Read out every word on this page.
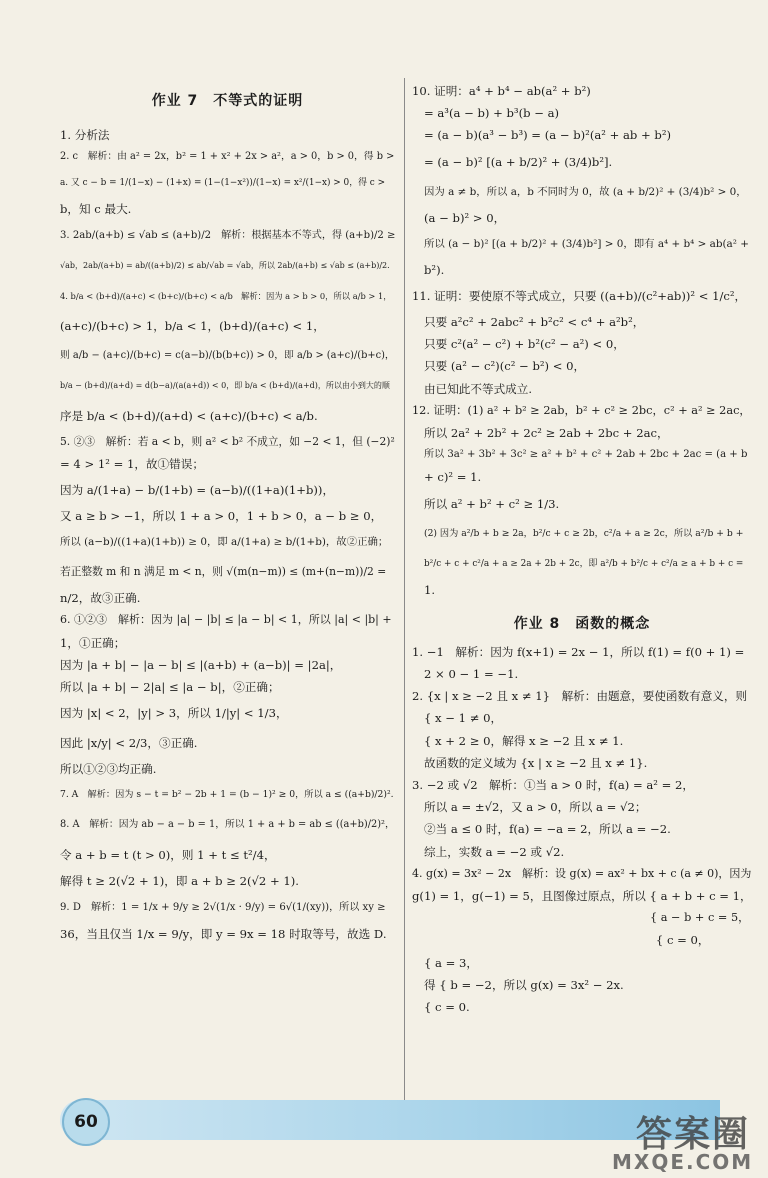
作业 7　不等式的证明
1. 分析法
2. c　解析：由 a² = 2x，b² = 1 + x² + 2x > a²，a > 0，b > 0，得 b >
a. 又 c − b = 1/(1−x) − (1+x) = (1−(1−x²))/(1−x) = x²/(1−x) > 0，得 c >
b，知 c 最大.
3. 2ab/(a+b) ≤ √ab ≤ (a+b)/2　解析：根据基本不等式，得 (a+b)/2 ≥
√ab，2ab/(a+b) = ab/((a+b)/2) ≤ ab/√ab = √ab，所以 2ab/(a+b) ≤ √ab ≤ (a+b)/2.
4. b/a < (b+d)/(a+c) < (b+c)/(b+c) < a/b　解析：因为 a > b > 0，所以 a/b > 1，
(a+c)/(b+c) > 1，b/a < 1，(b+d)/(a+c) < 1，
则 a/b − (a+c)/(b+c) = c(a−b)/(b(b+c)) > 0，即 a/b > (a+c)/(b+c)，
b/a − (b+d)/(a+d) = d(b−a)/(a(a+d)) < 0，即 b/a < (b+d)/(a+d)，所以由小到大的顺
序是 b/a < (b+d)/(a+d) < (a+c)/(b+c) < a/b.
5. ②③　解析：若 a < b，则 a² < b² 不成立，如 −2 < 1，但 (−2)²
= 4 > 1² = 1，故①错误；
因为 a/(1+a) − b/(1+b) = (a−b)/((1+a)(1+b))，
又 a ≥ b > −1，所以 1 + a > 0，1 + b > 0，a − b ≥ 0，
所以 (a−b)/((1+a)(1+b)) ≥ 0，即 a/(1+a) ≥ b/(1+b)，故②正确；
若正整数 m 和 n 满足 m < n，则 √(m(n−m)) ≤ (m+(n−m))/2 =
n/2，故③正确.
6. ①②③　解析：因为 |a| − |b| ≤ |a − b| < 1，所以 |a| < |b| +
1，①正确；
因为 |a + b| − |a − b| ≤ |(a+b) + (a−b)| = |2a|，
所以 |a + b| − 2|a| ≤ |a − b|，②正确；
因为 |x| < 2，|y| > 3，所以 1/|y| < 1/3，
因此 |x/y| < 2/3，③正确.
所以①②③均正确.
7. A　解析：因为 s − t = b² − 2b + 1 = (b − 1)² ≥ 0，所以 a ≤ ((a+b)/2)².
8. A　解析：因为 ab − a − b = 1，所以 1 + a + b = ab ≤ ((a+b)/2)²，
令 a + b = t (t > 0)，则 1 + t ≤ t²/4，
解得 t ≥ 2(√2 + 1)，即 a + b ≥ 2(√2 + 1).
9. D　解析：1 = 1/x + 9/y ≥ 2√(1/x · 9/y) = 6√(1/(xy))，所以 xy ≥
36，当且仅当 1/x = 9/y，即 y = 9x = 18 时取等号，故选 D.
10. 证明：a⁴ + b⁴ − ab(a² + b²)
= a³(a − b) + b³(b − a)
= (a − b)(a³ − b³) = (a − b)²(a² + ab + b²)
= (a − b)² [(a + b/2)² + (3/4)b²].
因为 a ≠ b，所以 a，b 不同时为 0，故 (a + b/2)² + (3/4)b² > 0，
(a − b)² > 0，
所以 (a − b)² [(a + b/2)² + (3/4)b²] > 0，即有 a⁴ + b⁴ > ab(a² +
b²).
11. 证明：要使原不等式成立，只要 ((a+b)/(c²+ab))² < 1/c²，
只要 a²c² + 2abc² + b²c² < c⁴ + a²b²，
只要 c²(a² − c²) + b²(c² − a²) < 0，
只要 (a² − c²)(c² − b²) < 0，
由已知此不等式成立.
12. 证明：(1) a² + b² ≥ 2ab，b² + c² ≥ 2bc，c² + a² ≥ 2ac，
所以 2a² + 2b² + 2c² ≥ 2ab + 2bc + 2ac，
所以 3a² + 3b² + 3c² ≥ a² + b² + c² + 2ab + 2bc + 2ac = (a + b
+ c)² = 1.
所以 a² + b² + c² ≥ 1/3.
(2) 因为 a²/b + b ≥ 2a，b²/c + c ≥ 2b，c²/a + a ≥ 2c，所以 a²/b + b +
b²/c + c + c²/a + a ≥ 2a + 2b + 2c，即 a²/b + b²/c + c²/a ≥ a + b + c =
1.
作业 8　函数的概念
1. −1　解析：因为 f(x+1) = 2x − 1，所以 f(1) = f(0 + 1) =
2 × 0 − 1 = −1.
2. {x | x ≥ −2 且 x ≠ 1}　解析：由题意，要使函数有意义，则
{ x − 1 ≠ 0，
{ x + 2 ≥ 0，解得 x ≥ −2 且 x ≠ 1.
故函数的定义域为 {x | x ≥ −2 且 x ≠ 1}.
3. −2 或 √2　解析：①当 a > 0 时，f(a) = a² = 2，
所以 a = ±√2，又 a > 0，所以 a = √2；
②当 a ≤ 0 时，f(a) = −a = 2，所以 a = −2.
综上，实数 a = −2 或 √2.
4. g(x) = 3x² − 2x　解析：设 g(x) = ax² + bx + c (a ≠ 0)，因为
g(1) = 1，g(−1) = 5，且图像过原点，所以 { a + b + c = 1，
　　　　　　　　　　　　　　　　　　　　{ a − b + c = 5，
　　　　　　　　　　　　　　　　　　　　{ c = 0，
{ a = 3，
得 { b = −2，所以 g(x) = 3x² − 2x.
{ c = 0.
60	答案圈
MXQE.COM
